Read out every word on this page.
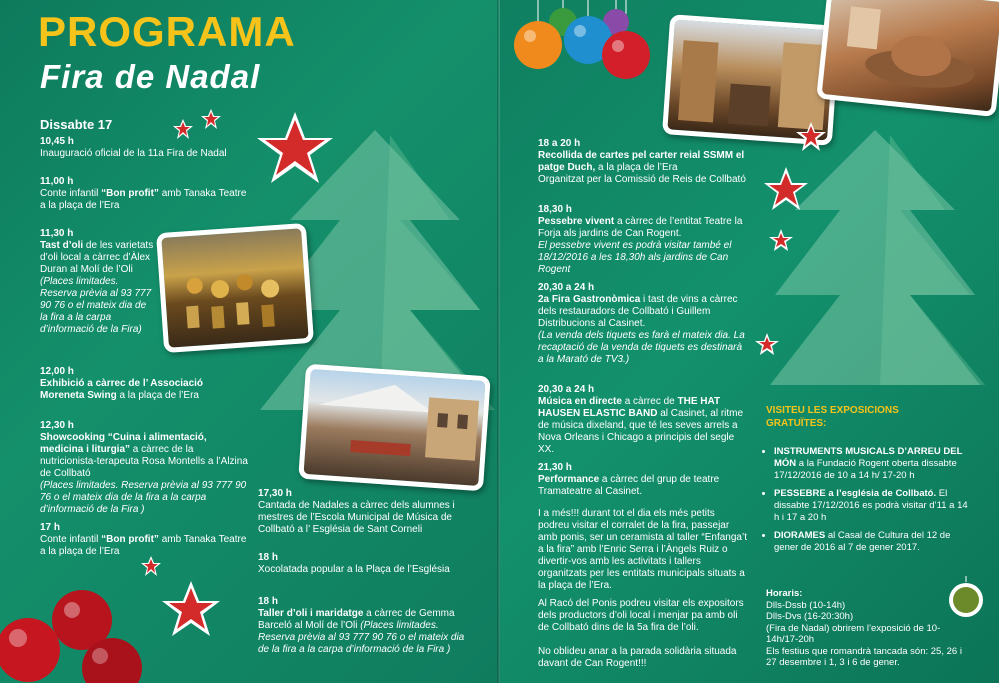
PROGRAMA
Fira de Nadal
Dissabte 17
10,45 h
Inauguració oficial de la 11a Fira de Nadal
11,00 h
Conte infantil “Bon profit” amb Tanaka Teatre a la plaça de l’Era
11,30 h
Tast d’oli de les varietats d’oli local a càrrec d’Àlex Duran al Molí de l’Oli
(Places limitades. Reserva prèvia al 93 777 90 76 o el mateix dia de la fira a la carpa d’informació de la Fira)
12,00 h
Exhibició a càrrec de l’ Associació Moreneta Swing a la plaça de l’Era
12,30 h
Showcooking “Cuina i alimentació, medicina i liturgia” a càrrec de la nutricionista-terapeuta Rosa Montells a l’Alzina de Collbató
(Places limitades. Reserva prèvia al 93 777 90 76 o el mateix dia de la fira a la carpa d’informació de la Fira )
17 h
Conte infantil “Bon profit” amb Tanaka Teatre a la plaça de l’Era
17,30 h
Cantada de Nadales a càrrec dels alumnes i mestres de l’Escola Municipal de Música de Collbató a l’ Església de Sant Corneli
18 h
Xocolatada popular a la Plaça de l’Església
18 h
Taller d’oli i maridatge a càrrec de Gemma Barceló al Molí de l’Oli (Places limitades. Reserva prèvia al 93 777 90 76 o el mateix dia de la fira a la carpa d’informació de la Fira )
18 a 20 h
Recollida de cartes pel carter reial SSMM el patge Duch, a la plaça de l’Era
Organitzat per la Comissió de Reis de Collbató
18,30 h
Pessebre vivent a càrrec de l’entitat Teatre la Forja als jardins de Can Rogent.
El pessebre vivent es podrà visitar també el 18/12/2016 a les 18,30h als jardins de Can Rogent
20,30 a 24 h
2a Fira Gastronòmica i tast de vins a càrrec dels restauradors de Collbató i Guillem Distribucions al Casinet.
(La venda dels tiquets es farà el mateix dia. La recaptació de la venda de tiquets es destinarà a la Marató de TV3.)
20,30 a 24 h
Música en directe a càrrec de THE HAT HAUSEN ELASTIC BAND al Casinet, al ritme de música dixeland, que té les seves arrels a Nova Orleans i Chicago a principis del segle XX.
21,30 h
Performance a càrrec del grup de teatre Tramateatre al Casinet.
I a més!!! durant tot el dia els més petits podreu visitar el corralet de la fira, passejar amb ponis, ser un ceramista al taller “Enfanga’t a la fira” amb l’Enric Serra i l’Àngels Ruiz o divertir-vos amb les activitats i tallers organitzats per les entitats municipals situats a la plaça de l’Era.
Al Racó del Ponis podreu visitar els expositors dels productors d’oli local i menjar pa amb oli de Collbató dins de la 5a fira de l’oli.
No oblideu anar a la parada solidària situada davant de Can Rogent!!!
VISITEU LES EXPOSICIONS GRATUÏTES:
• INSTRUMENTS MUSICALS D’ARREU DEL MÓN a la Fundació Rogent oberta dissabte 17/12/2016 de 10 a 14 h/ 17-20 h
• PESSEBRE a l’església de Collbató. El dissabte 17/12/2016 es podrà visitar d’11 a 14 h i 17 a 20 h
• DIORAMES al Casal de Cultura del 12 de gener de 2016 al 7 de gener 2017.
Horaris:
Dlls-Dssb (10-14h)
Dlls-Dvs (16-20:30h)
(Fira de Nadal) obrirem l’exposició de 10-14h/17-20h
Els festius que romandrà tancada són: 25, 26 i 27 desembre i 1, 3 i 6 de gener.
